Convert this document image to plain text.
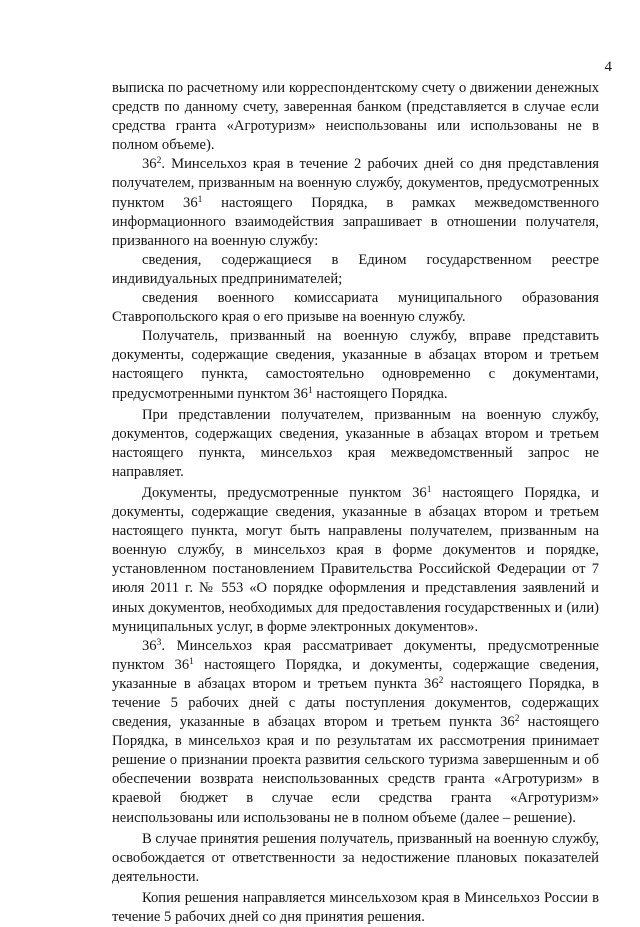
4

выписка по расчетному или корреспондентскому счету о движении денежных средств по данному счету, заверенная банком (представляется в случае если средства гранта «Агротуризм» неиспользованы или использованы не в полном объеме).

$36^2$. Минсельхоз края в течение 2 рабочих дней со дня представления получателем, призванным на военную службу, документов, предусмотренных пунктом $36^1$ настоящего Порядка, в рамках межведомственного информационного взаимодействия запрашивает в отношении получателя, призванного на военную службу:

сведения, содержащиеся в Едином государственном реестре индивидуальных предпринимателей;

сведения военного комиссариата муниципального образования Ставропольского края о его призыве на военную службу.

Получатель, призванный на военную службу, вправе представить документы, содержащие сведения, указанные в абзацах втором и третьем настоящего пункта, самостоятельно одновременно с документами, предусмотренными пунктом $36^1$ настоящего Порядка.

При представлении получателем, призванным на военную службу, документов, содержащих сведения, указанные в абзацах втором и третьем настоящего пункта, минсельхоз края межведомственный запрос не направляет.

Документы, предусмотренные пунктом $36^1$ настоящего Порядка, и документы, содержащие сведения, указанные в абзацах втором и третьем настоящего пункта, могут быть направлены получателем, призванным на военную службу, в минсельхоз края в форме документов и порядке, установленном постановлением Правительства Российской Федерации от 7 июля 2011 г. № 553 «О порядке оформления и представления заявлений и иных документов, необходимых для предоставления государственных и (или) муниципальных услуг, в форме электронных документов».

$36^3$. Минсельхоз края рассматривает документы, предусмотренные пунктом $36^1$ настоящего Порядка, и документы, содержащие сведения, указанные в абзацах втором и третьем пункта $36^2$ настоящего Порядка, в течение 5 рабочих дней с даты поступления документов, содержащих сведения, указанные в абзацах втором и третьем пункта $36^2$ настоящего Порядка, в минсельхоз края и по результатам их рассмотрения принимает решение о признании проекта развития сельского туризма завершенным и об обеспечении возврата неиспользованных средств гранта «Агротуризм» в краевой бюджет в случае если средства гранта «Агротуризм» неиспользованы или использованы не в полном объеме (далее – решение).

В случае принятия решения получатель, призванный на военную службу, освобождается от ответственности за недостижение плановых показателей деятельности.

Копия решения направляется минсельхозом края в Минсельхоз России в течение 5 рабочих дней со дня принятия решения.
